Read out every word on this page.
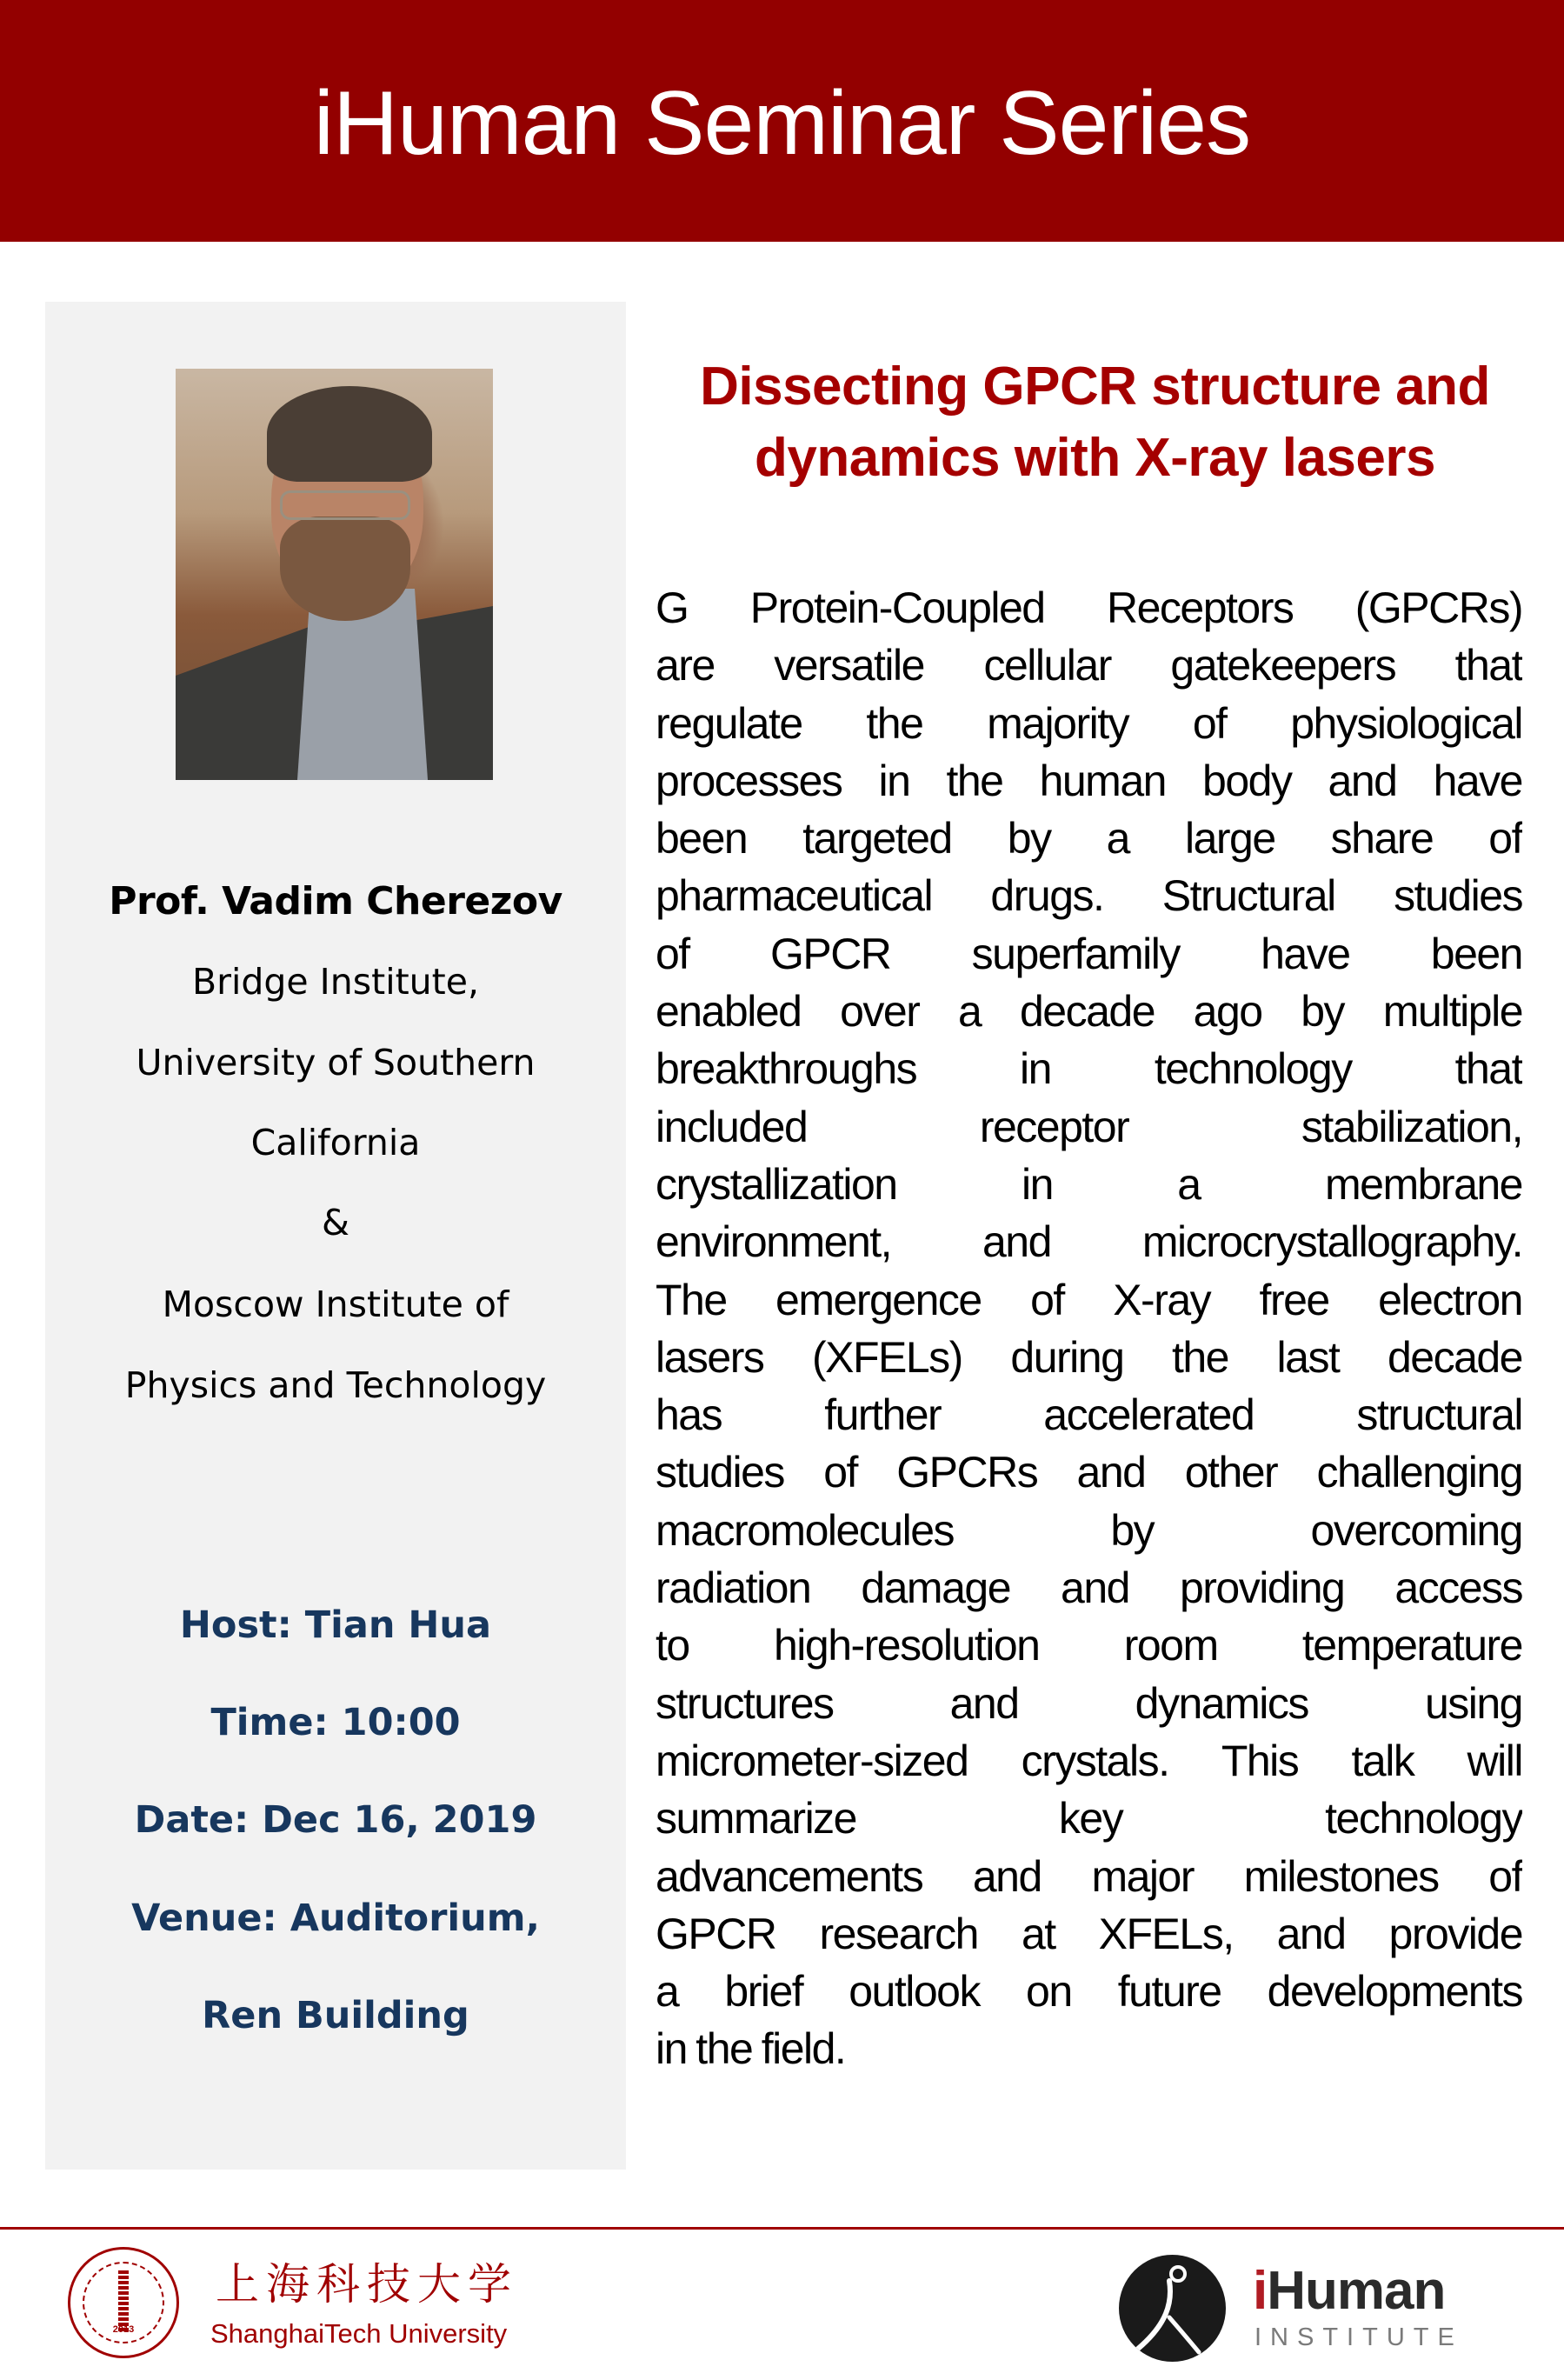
iHuman Seminar Series
Prof. Vadim Cherezov
Bridge Institute,
University of Southern
California
&
Moscow Institute of
Physics and Technology
Host: Tian Hua
Time: 10:00
Date: Dec 16, 2019
Venue: Auditorium,
Ren Building
Dissecting GPCR structure and
dynamics with X-ray lasers
G Protein-Coupled Receptors (GPCRs)
are versatile cellular gatekeepers that
regulate the majority of physiological
processes in the human body and have
been targeted by a large share of
pharmaceutical drugs. Structural studies
of GPCR superfamily have been
enabled over a decade ago by multiple
breakthroughs in technology that
included receptor stabilization,
crystallization in a membrane
environment, and microcrystallography.
The emergence of X-ray free electron
lasers (XFELs) during the last decade
has further accelerated structural
studies of GPCRs and other challenging
macromolecules by overcoming
radiation damage and providing access
to high-resolution room temperature
structures and dynamics using
micrometer-sized crystals. This talk will
summarize key technology
advancements and major milestones of
GPCR research at XFELs, and provide
a brief outlook on future developments
in the field.
2013
上海科技大学
ShanghaiTech University
iHuman
INSTITUTE
